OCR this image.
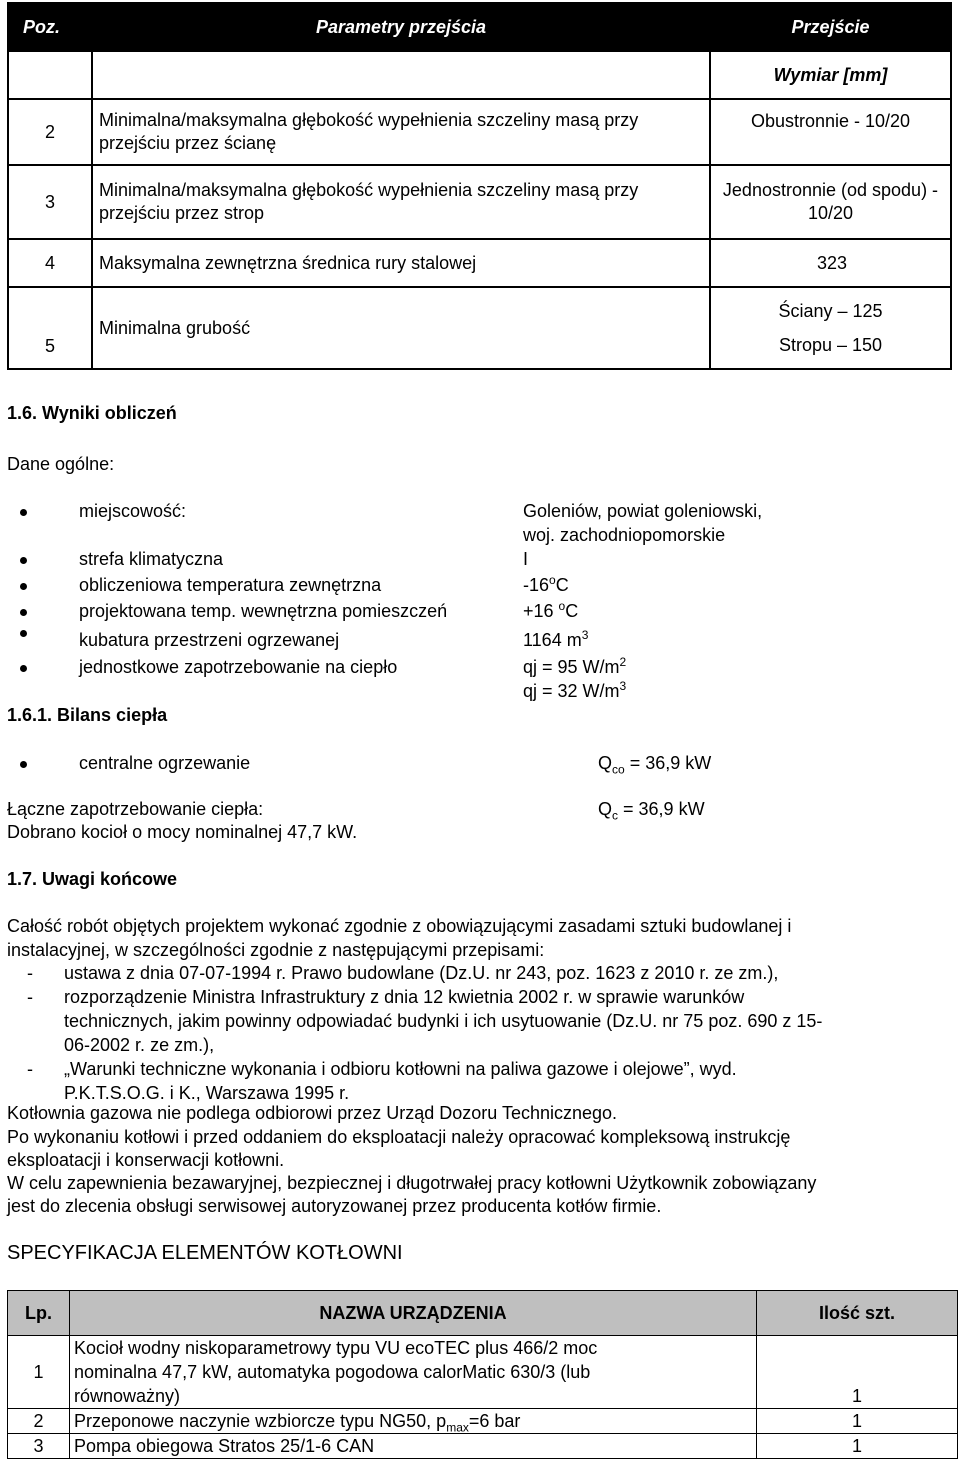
Poz.	Parametry przejścia	Przejście
		Wymiar [mm]
2	Minimalna/maksymalna głębokość wypełnienia szczeliny masą przy przejściu przez ścianę	Obustronnie - 10/20
3	Minimalna/maksymalna głębokość wypełnienia szczeliny masą przy przejściu przez strop	Jednostronnie (od spodu) - 10/20
4	Maksymalna zewnętrzna średnica rury stalowej	323
5	Minimalna grubość	Ściany – 125
Stropu – 150
1.6. Wyniki obliczeń
Dane ogólne:
miejscowość:	Goleniów, powiat goleniowski,
woj. zachodniopomorskie
strefa klimatyczna	I
obliczeniowa temperatura zewnętrzna	-16$^o$C
projektowana temp. wewnętrzna pomieszczeń	+16 $^o$C
kubatura przestrzeni ogrzewanej	1164 $m^3$
jednostkowe zapotrzebowanie na ciepło	qj = 95 $W/m^2$
qj = 32 $W/m^3$
1.6.1. Bilans ciepła
centralne ogrzewanie	$Q_{co} = 36,9$ kW
Łączne zapotrzebowanie ciepła:	$Q_c = 36,9$ kW
Dobrano kocioł o mocy nominalnej 47,7 kW.
1.7. Uwagi końcowe
Całość robót objętych projektem wykonać zgodnie z obowiązującymi zasadami sztuki budowlanej i
instalacyjnej, w szczególności zgodnie z następującymi przepisami:
- ustawa z dnia 07-07-1994 r. Prawo budowlane (Dz.U. nr 243, poz. 1623 z 2010 r. ze zm.),
- rozporządzenie Ministra Infrastruktury z dnia 12 kwietnia 2002 r. w sprawie warunków
technicznych, jakim powinny odpowiadać budynki i ich usytuowanie (Dz.U. nr 75 poz. 690 z 15-
06-2002 r. ze zm.),
- „Warunki techniczne wykonania i odbioru kotłowni na paliwa gazowe i olejowe”, wyd.
P.K.T.S.O.G. i K., Warszawa 1995 r.
Kotłownia gazowa nie podlega odbiorowi przez Urząd Dozoru Technicznego.
Po wykonaniu kotłowi i przed oddaniem do eksploatacji należy opracować kompleksową instrukcję
eksploatacji i konserwacji kotłowni.
W celu zapewnienia bezawaryjnej, bezpiecznej i długotrwałej pracy kotłowni Użytkownik zobowiązany
jest do zlecenia obsługi serwisowej autoryzowanej przez producenta kotłów firmie.
SPECYFIKACJA ELEMENTÓW KOTŁOWNI
Lp.	NAZWA URZĄDZENIA	Ilość szt.
1	Kocioł wodny niskoparametrowy typu VU ecoTEC plus 466/2 moc
nominalna 47,7 kW, automatyka pogodowa calorMatic 630/3 (lub
równoważny)	1
2	Przeponowe naczynie wzbiorcze typu NG50, $p_{max}=6$ bar	1
3	Pompa obiegowa Stratos 25/1-6 CAN	1
